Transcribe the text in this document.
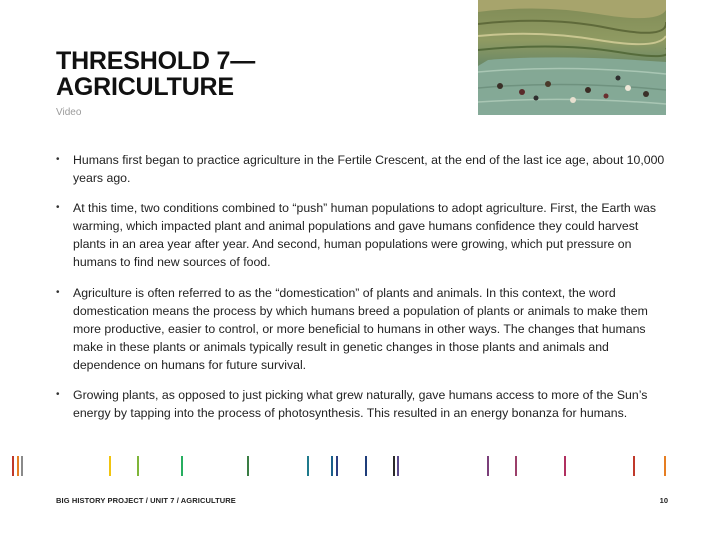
THRESHOLD 7—
AGRICULTURE
Video
• Humans first began to practice agriculture in the Fertile Crescent, at the end of the last ice age, about 10,000 years ago.
• At this time, two conditions combined to “push” human populations to adopt agriculture. First, the Earth was warming, which impacted plant and animal populations and gave humans confidence they could harvest plants in an area year after year. And second, human populations were growing, which put pressure on humans to find new sources of food.
• Agriculture is often referred to as the “domestication” of plants and animals. In this context, the word domestication means the process by which humans breed a population of plants or animals to make them more productive, easier to control, or more beneficial to humans in other ways. The changes that humans make in these plants or animals typically result in genetic changes in those plants and animals and dependence on humans for future survival.
• Growing plants, as opposed to just picking what grew naturally, gave humans access to more of the Sun’s energy by tapping into the process of photosynthesis. This resulted in an energy bonanza for humans.
BIG HISTORY PROJECT / UNIT 7 / AGRICULTURE	10
